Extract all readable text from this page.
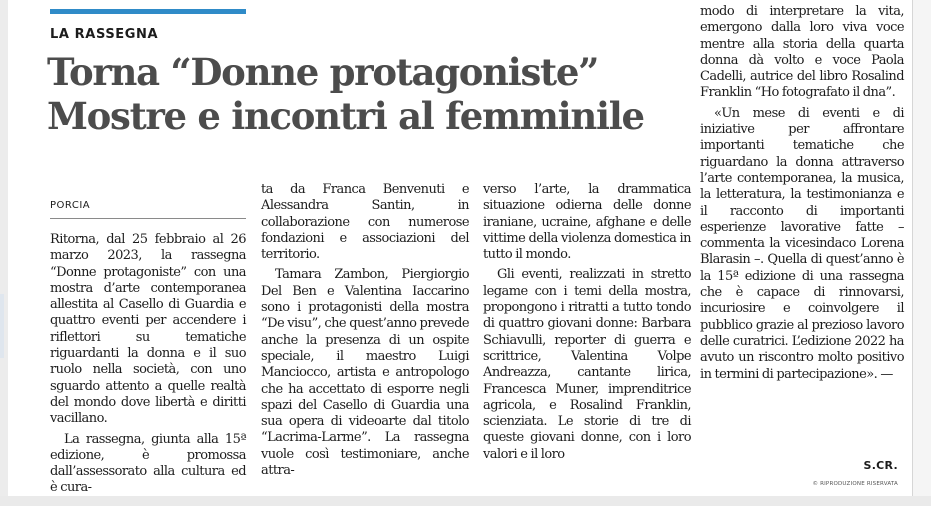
LA RASSEGNA
Torna “Donne protagoniste”
Mostre e incontri al femminile
PORCIA

Ritorna, dal 25 febbraio al 26 marzo 2023, la rassegna “Donne protagoniste” con una mostra d’arte contemporanea allestita al Casello di Guardia e quattro eventi per accendere i riflettori su tematiche riguardanti la donna e il suo ruolo nella società, con uno sguardo attento a quelle realtà del mondo dove libertà e diritti vacillano.

La rassegna, giunta alla 15ª edizione, è promossa dall’assessorato alla cultura ed è cura-

ta da Franca Benvenuti e Alessandra Santin, in collaborazione con numerose fondazioni e associazioni del territorio.

Tamara Zambon, Piergiorgio Del Ben e Valentina Iaccarino sono i protagonisti della mostra “De visu”, che quest’anno prevede anche la presenza di un ospite speciale, il maestro Luigi Manciocco, artista e antropologo che ha accettato di esporre negli spazi del Casello di Guardia una sua opera di videoarte dal titolo “Lacrima-Larme”. La rassegna vuole così testimoniare, anche attra-

verso l’arte, la drammatica situazione odierna delle donne iraniane, ucraine, afghane e delle vittime della violenza domestica in tutto il mondo.

Gli eventi, realizzati in stretto legame con i temi della mostra, propongono i ritratti a tutto tondo di quattro giovani donne: Barbara Schiavulli, reporter di guerra e scrittrice, Valentina Volpe Andreazza, cantante lirica, Francesca Muner, imprenditrice agricola, e Rosalind Franklin, scienziata. Le storie di tre di queste giovani donne, con i loro valori e il loro

modo di interpretare la vita, emergono dalla loro viva voce mentre alla storia della quarta donna dà volto e voce Paola Cadelli, autrice del libro Rosalind Franklin “Ho fotografato il dna”.

«Un mese di eventi e di iniziative per affrontare importanti tematiche che riguardano la donna attraverso l’arte contemporanea, la musica, la letteratura, la testimonianza e il racconto di importanti esperienze lavorative fatte – commenta la vicesindaco Lorena Blarasin –. Quella di quest’anno è la 15ª edizione di una rassegna che è capace di rinnovarsi, incuriosire e coinvolgere il pubblico grazie al prezioso lavoro delle curatrici. L’edizione 2022 ha avuto un riscontro molto positivo in termini di partecipazione». —

S.CR.
© RIPRODUZIONE RISERVATA
